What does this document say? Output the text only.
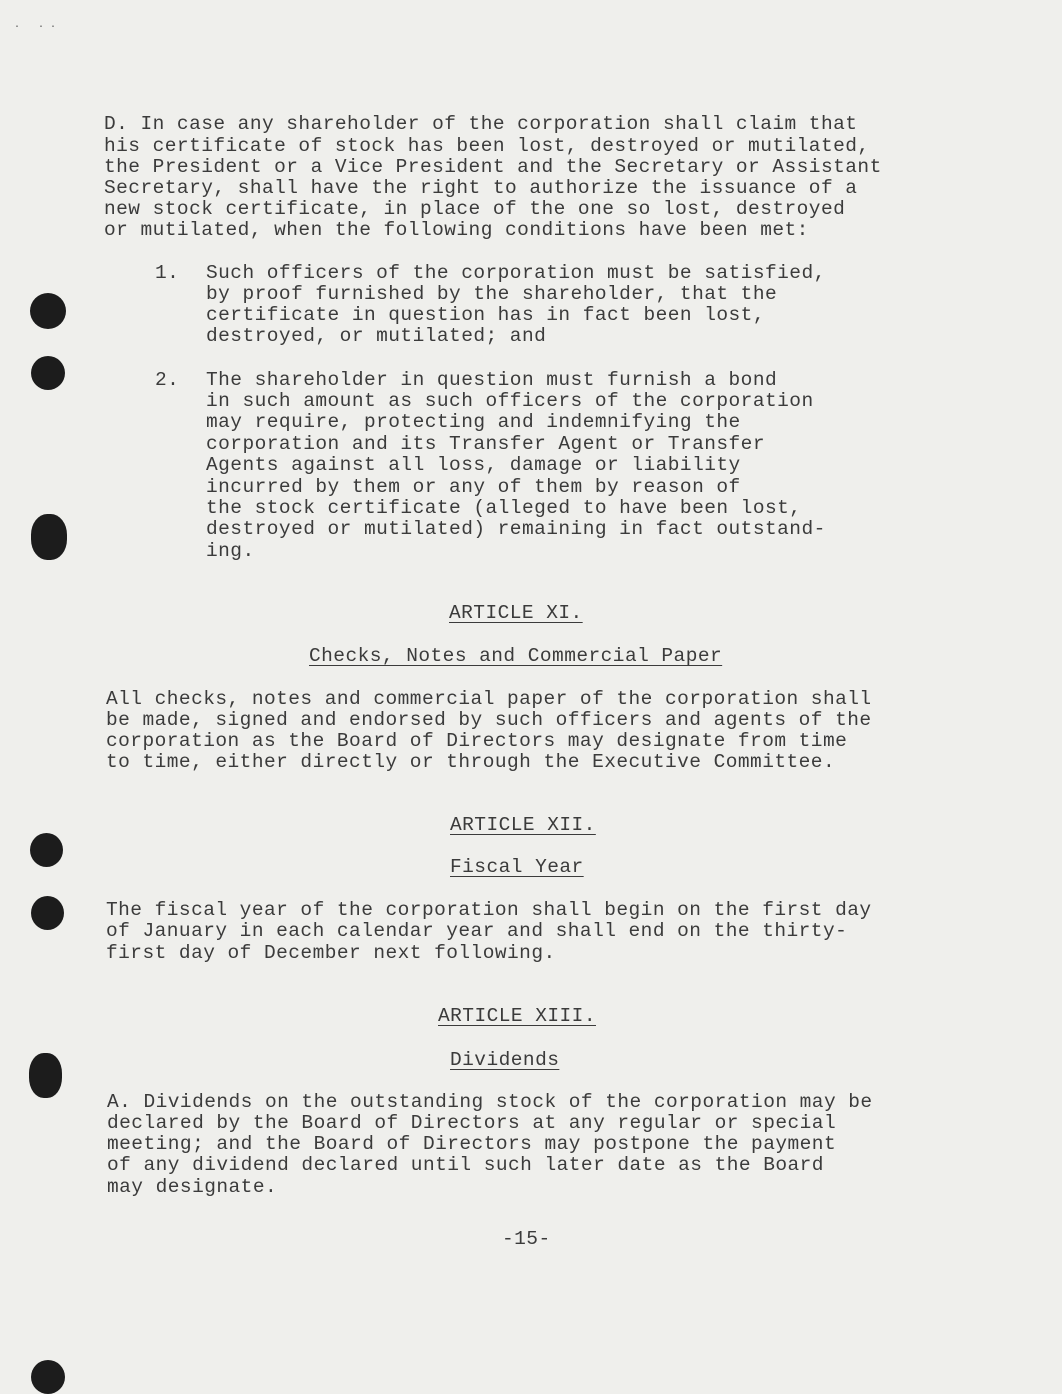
·   · ·
D. In case any shareholder of the corporation shall claim that
his certificate of stock has been lost, destroyed or mutilated,
the President or a Vice President and the Secretary or Assistant
Secretary, shall have the right to authorize the issuance of a
new stock certificate, in place of the one so lost, destroyed
or mutilated, when the following conditions have been met:
1. Such officers of the corporation must be satisfied,
by proof furnished by the shareholder, that the
certificate in question has in fact been lost,
destroyed, or mutilated; and
2. The shareholder in question must furnish a bond
in such amount as such officers of the corporation
may require, protecting and indemnifying the
corporation and its Transfer Agent or Transfer
Agents against all loss, damage or liability
incurred by them or any of them by reason of
the stock certificate (alleged to have been lost,
destroyed or mutilated) remaining in fact outstand-
ing.
ARTICLE XI.
Checks, Notes and Commercial Paper
All checks, notes and commercial paper of the corporation shall
be made, signed and endorsed by such officers and agents of the
corporation as the Board of Directors may designate from time
to time, either directly or through the Executive Committee.
ARTICLE XII.
Fiscal Year
The fiscal year of the corporation shall begin on the first day
of January in each calendar year and shall end on the thirty-
first day of December next following.
ARTICLE XIII.
Dividends
A. Dividends on the outstanding stock of the corporation may be
declared by the Board of Directors at any regular or special
meeting; and the Board of Directors may postpone the payment
of any dividend declared until such later date as the Board
may designate.
-15-
